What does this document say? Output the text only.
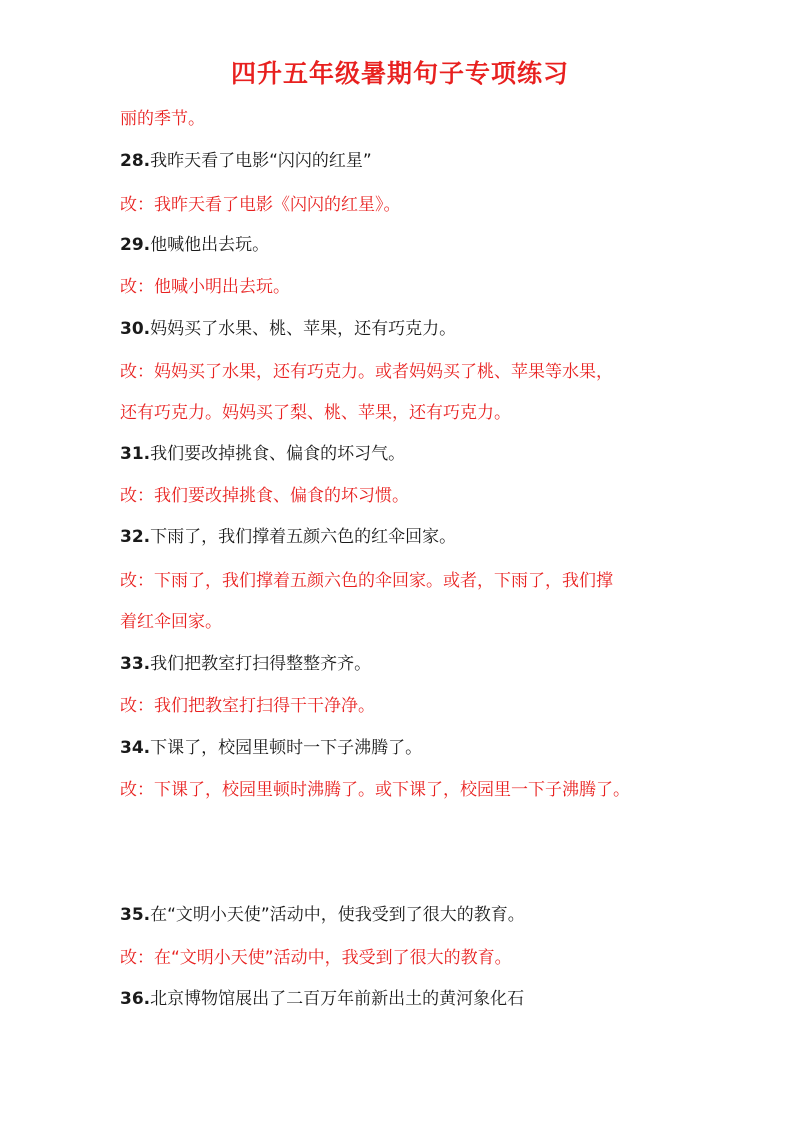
四升五年级暑期句子专项练习
丽的季节。
28.我昨天看了电影“闪闪的红星”
改：我昨天看了电影《闪闪的红星》。
29.他喊他出去玩。
改：他喊小明出去玩。
30.妈妈买了水果、桃、苹果，还有巧克力。
改：妈妈买了水果，还有巧克力。或者妈妈买了桃、苹果等水果，
还有巧克力。妈妈买了梨、桃、苹果，还有巧克力。
31.我们要改掉挑食、偏食的坏习气。
改：我们要改掉挑食、偏食的坏习惯。
32.下雨了，我们撑着五颜六色的红伞回家。
改：下雨了，我们撑着五颜六色的伞回家。或者，下雨了，我们撑
着红伞回家。
33.我们把教室打扫得整整齐齐。
改：我们把教室打扫得干干净净。
34.下课了，校园里顿时一下子沸腾了。
改：下课了，校园里顿时沸腾了。或下课了，校园里一下子沸腾了。
35.在“文明小天使”活动中，使我受到了很大的教育。
改：在“文明小天使”活动中，我受到了很大的教育。
36.北京博物馆展出了二百万年前新出土的黄河象化石
